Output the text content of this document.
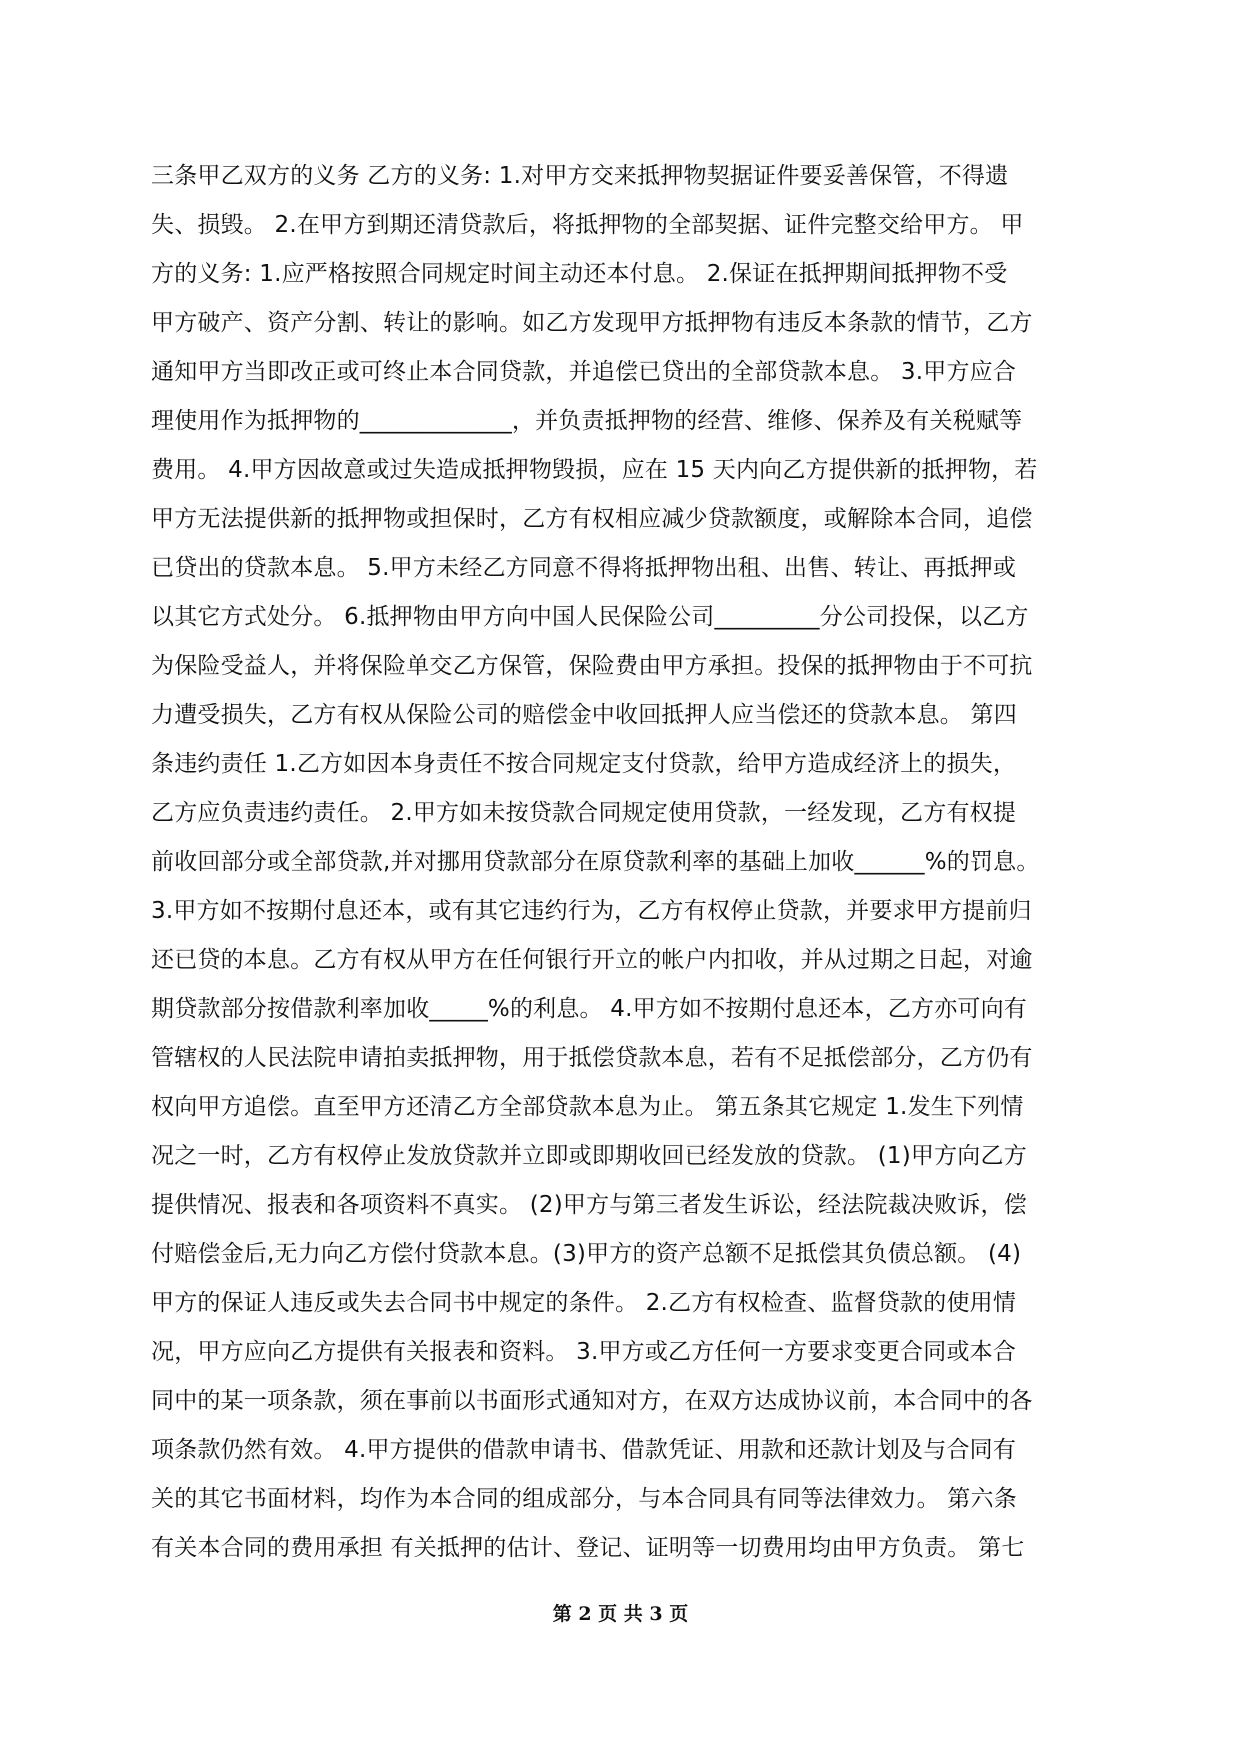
三条甲乙双方的义务 乙方的义务: 1.对甲方交来抵押物契据证件要妥善保管，不得遗
失、损毁。 2.在甲方到期还清贷款后，将抵押物的全部契据、证件完整交给甲方。 甲
方的义务: 1.应严格按照合同规定时间主动还本付息。 2.保证在抵押期间抵押物不受
甲方破产、资产分割、转让的影响。如乙方发现甲方抵押物有违反本条款的情节，乙方
通知甲方当即改正或可终止本合同贷款，并追偿已贷出的全部贷款本息。 3.甲方应合
理使用作为抵押物的_____________，并负责抵押物的经营、维修、保养及有关税赋等
费用。 4.甲方因故意或过失造成抵押物毁损，应在 15 天内向乙方提供新的抵押物，若
甲方无法提供新的抵押物或担保时，乙方有权相应减少贷款额度，或解除本合同，追偿
已贷出的贷款本息。 5.甲方未经乙方同意不得将抵押物出租、出售、转让、再抵押或
以其它方式处分。 6.抵押物由甲方向中国人民保险公司_________分公司投保，以乙方
为保险受益人，并将保险单交乙方保管，保险费由甲方承担。投保的抵押物由于不可抗
力遭受损失，乙方有权从保险公司的赔偿金中收回抵押人应当偿还的贷款本息。 第四
条违约责任 1.乙方如因本身责任不按合同规定支付贷款，给甲方造成经济上的损失，
乙方应负责违约责任。 2.甲方如未按贷款合同规定使用贷款，一经发现，乙方有权提
前收回部分或全部贷款,并对挪用贷款部分在原贷款利率的基础上加收______%的罚息。
3.甲方如不按期付息还本，或有其它违约行为，乙方有权停止贷款，并要求甲方提前归
还已贷的本息。乙方有权从甲方在任何银行开立的帐户内扣收，并从过期之日起，对逾
期贷款部分按借款利率加收_____%的利息。 4.甲方如不按期付息还本，乙方亦可向有
管辖权的人民法院申请拍卖抵押物，用于抵偿贷款本息，若有不足抵偿部分，乙方仍有
权向甲方追偿。直至甲方还清乙方全部贷款本息为止。 第五条其它规定 1.发生下列情
况之一时，乙方有权停止发放贷款并立即或即期收回已经发放的贷款。 (1)甲方向乙方
提供情况、报表和各项资料不真实。 (2)甲方与第三者发生诉讼，经法院裁决败诉，偿
付赔偿金后,无力向乙方偿付贷款本息。(3)甲方的资产总额不足抵偿其负债总额。 (4)
甲方的保证人违反或失去合同书中规定的条件。 2.乙方有权检查、监督贷款的使用情
况，甲方应向乙方提供有关报表和资料。 3.甲方或乙方任何一方要求变更合同或本合
同中的某一项条款，须在事前以书面形式通知对方，在双方达成协议前，本合同中的各
项条款仍然有效。 4.甲方提供的借款申请书、借款凭证、用款和还款计划及与合同有
关的其它书面材料，均作为本合同的组成部分，与本合同具有同等法律效力。 第六条
有关本合同的费用承担 有关抵押的估计、登记、证明等一切费用均由甲方负责。 第七
第 2 页 共 3 页
